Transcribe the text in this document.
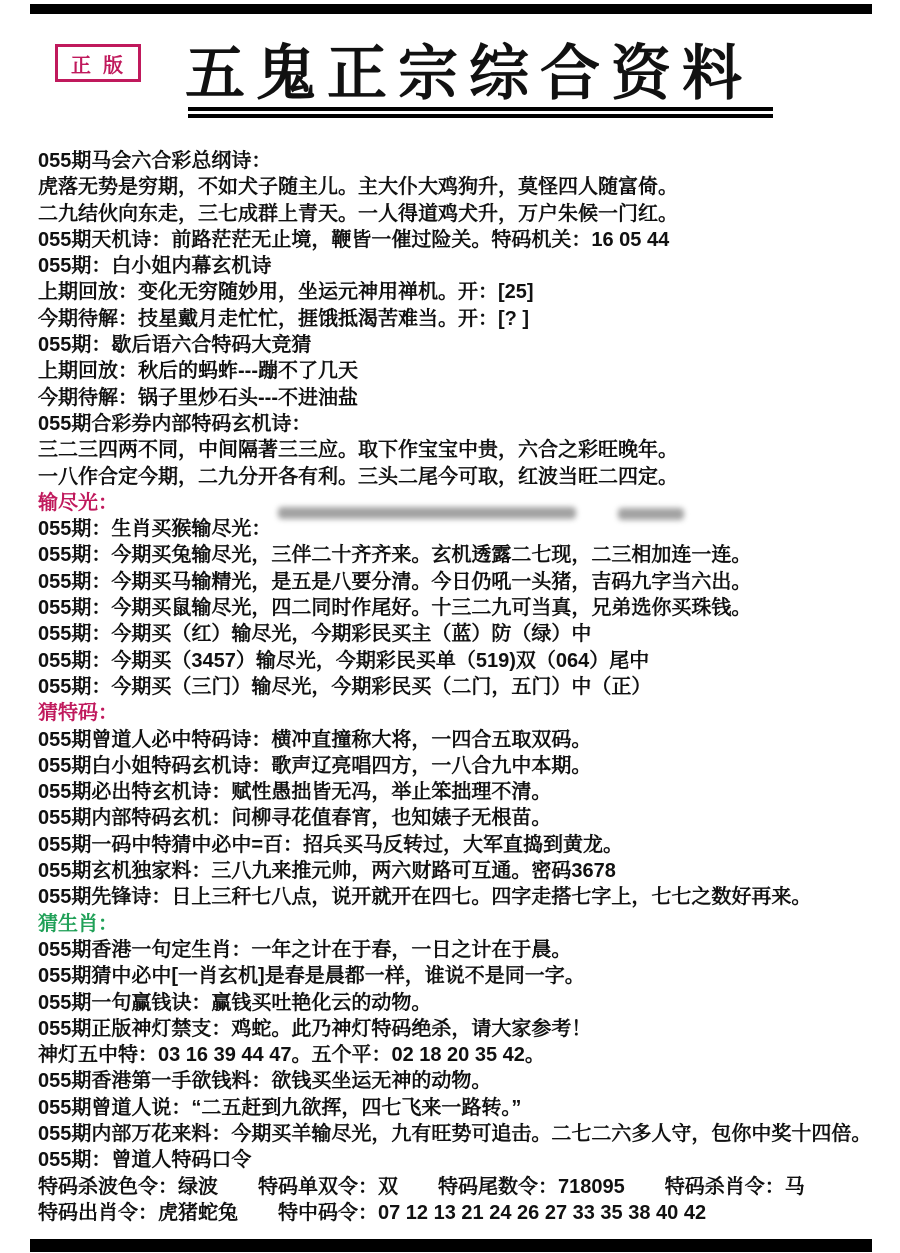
正版 五鬼正宗综合资料
055期马会六合彩总纲诗：
虎落无势是穷期，不如犬子随主儿。主大仆大鸡狗升，莫怪四人随富倚。
二九结伙向东走，三七成群上青天。一人得道鸡犬升，万户朱候一门红。
055期天机诗：前路茫茫无止境，鞭皆一催过险关。特码机关：16 05 44
055期：白小姐内幕玄机诗
上期回放：变化无穷随妙用，坐运元神用禅机。开：[25]
今期待解：技星戴月走忙忙，捱饿抵渴苦难当。开：[? ]
055期：歇后语六合特码大竞猜
上期回放：秋后的蚂蚱---蹦不了几天
今期待解：锅子里炒石头---不进油盐
055期合彩券内部特码玄机诗：
三二三四两不同，中间隔著三三应。取下作宝宝中贵，六合之彩旺晚年。
一八作合定今期，二九分开各有利。三头二尾今可取，红波当旺二四定。
输尽光：
055期：生肖买猴输尽光：
055期：今期买兔输尽光，三伴二十齐齐来。玄机透露二七现，二三相加连一连。
055期：今期买马输精光，是五是八要分清。今日仍吼一头猪，吉码九字当六出。
055期：今期买鼠输尽光，四二同时作尾好。十三二九可当真，兄弟选你买珠钱。
055期：今期买（红）输尽光，今期彩民买主（蓝）防（绿）中
055期：今期买（3457）输尽光，今期彩民买单（519)双（064）尾中
055期：今期买（三门）输尽光，今期彩民买（二门，五门）中（正）
猜特码：
055期曾道人必中特码诗：横冲直撞称大将，一四合五取双码。
055期白小姐特码玄机诗：歌声辽亮唱四方，一八合九中本期。
055期必出特玄机诗：赋性愚拙皆无冯，举止笨拙理不清。
055期内部特码玄机：问柳寻花值春宵，也知婊子无根苗。
055期一码中特猜中必中=百：招兵买马反转过，大军直捣到黄龙。
055期玄机独家料：三八九来推元帅，两六财路可互通。密码3678
055期先锋诗：日上三秆七八点，说开就开在四七。四字走搭七字上，七七之数好再来。
猜生肖：
055期香港一句定生肖：一年之计在于春，一日之计在于晨。
055期猜中必中[一肖玄机]是春是晨都一样，谁说不是同一字。
055期一句赢钱诀：赢钱买吐艳化云的动物。
055期正版神灯禁支：鸡蛇。此乃神灯特码绝杀，请大家参考！
神灯五中特：03 16 39 44 47。五个平：02 18 20 35 42。
055期香港第一手欲钱料：欲钱买坐运无神的动物。
055期曾道人说：“二五赶到九欲挥，四七飞来一路转。”
055期内部万花来料：今期买羊输尽光，九有旺势可追击。二七二六多人守，包你中奖十四倍。
055期：曾道人特码口令
特码杀波色令：绿波　　特码单双令：双　　特码尾数令：718095　　特码杀肖令：马
特码出肖令：虎猪蛇兔　　特中码令：07 12 13 21 24 26 27 33 35 38 40 42
